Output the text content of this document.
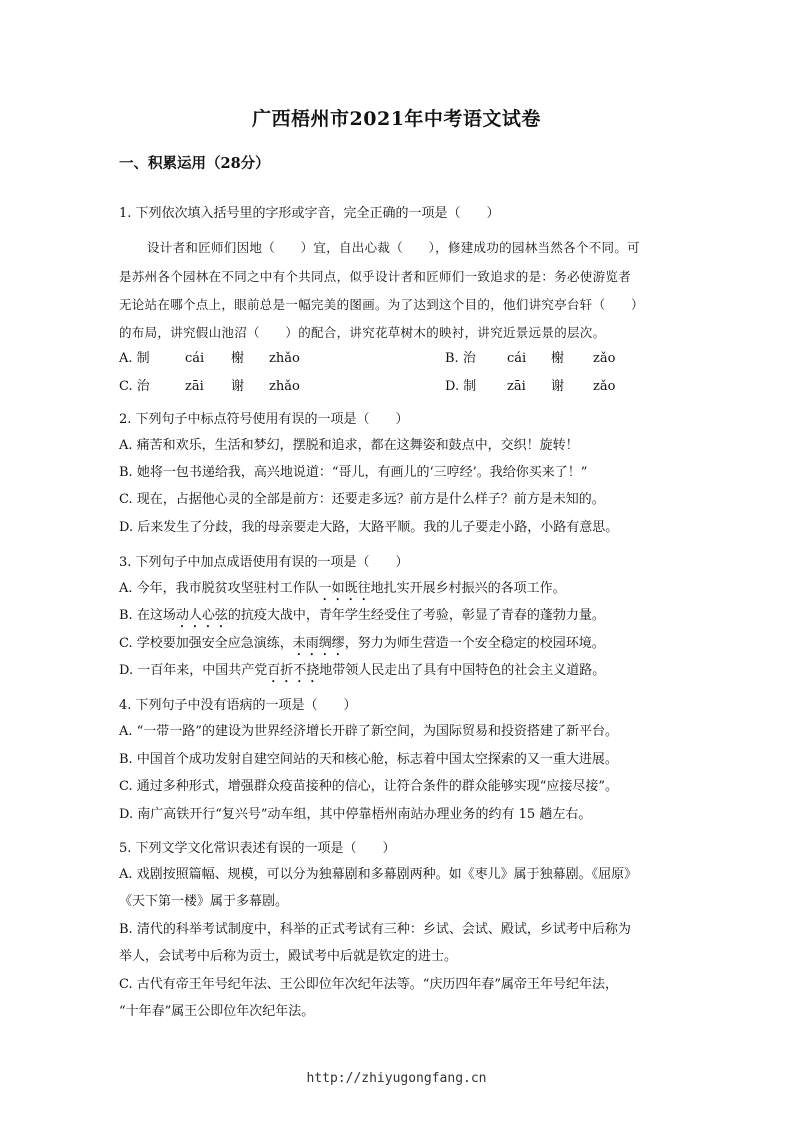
广西梧州市2021年中考语文试卷
一、积累运用（28分）
1. 下列依次填入括号里的字形或字音，完全正确的一项是（　　）
设计者和匠师们因地（　　）宜，自出心裁（　　），修建成功的园林当然各个不同。可
是苏州各个园林在不同之中有个共同点，似乎设计者和匠师们一致追求的是：务必使游览者
无论站在哪个点上，眼前总是一幅完美的图画。为了达到这个目的，他们讲究亭台轩（　　）
的布局，讲究假山池沼（　　）的配合，讲究花草树木的映衬，讲究近景远景的层次。
A. 制	cái 榭 zhǎo	B. 治 cái 榭 zǎo
C. 治	zāi 谢 zhǎo	D. 制 zāi 谢 zǎo
2. 下列句子中标点符号使用有误的一项是（　　）
A. 痛苦和欢乐，生活和梦幻，摆脱和追求，都在这舞姿和鼓点中，交织！旋转！
B. 她将一包书递给我，高兴地说道：“哥儿，有画儿的‘三哼经’。我给你买来了！”
C. 现在，占据他心灵的全部是前方：还要走多远？前方是什么样子？前方是未知的。
D. 后来发生了分歧，我的母亲要走大路，大路平顺。我的儿子要走小路，小路有意思。
3. 下列句子中加点成语使用有误的一项是（　　）
A. 今年，我市脱贫攻坚驻村工作队一如既往地扎实开展乡村振兴的各项工作。
B. 在这场动人心弦的抗疫大战中，青年学生经受住了考验，彰显了青春的蓬勃力量。
C. 学校要加强安全应急演练，未雨绸缪，努力为师生营造一个安全稳定的校园环境。
D. 一百年来，中国共产党百折不挠地带领人民走出了具有中国特色的社会主义道路。
4. 下列句子中没有语病的一项是（　　）
A. “一带一路”的建设为世界经济增长开辟了新空间，为国际贸易和投资搭建了新平台。
B. 中国首个成功发射自建空间站的天和核心舱，标志着中国太空探索的又一重大进展。
C. 通过多种形式，增强群众疫苗接种的信心，让符合条件的群众能够实现“应接尽接”。
D. 南广高铁开行“复兴号”动车组，其中停靠梧州南站办理业务的约有 15 趟左右。
5. 下列文学文化常识表述有误的一项是（　　）
A. 戏剧按照篇幅、规模，可以分为独幕剧和多幕剧两种。如《枣儿》属于独幕剧。《屈原》
《天下第一楼》属于多幕剧。
B. 清代的科举考试制度中，科举的正式考试有三种：乡试、会试、殿试，乡试考中后称为
举人，会试考中后称为贡士，殿试考中后就是钦定的进士。
C. 古代有帝王年号纪年法、王公即位年次纪年法等。“庆历四年春”属帝王年号纪年法，
“十年春”属王公即位年次纪年法。
http://zhiyugongfang.cn
